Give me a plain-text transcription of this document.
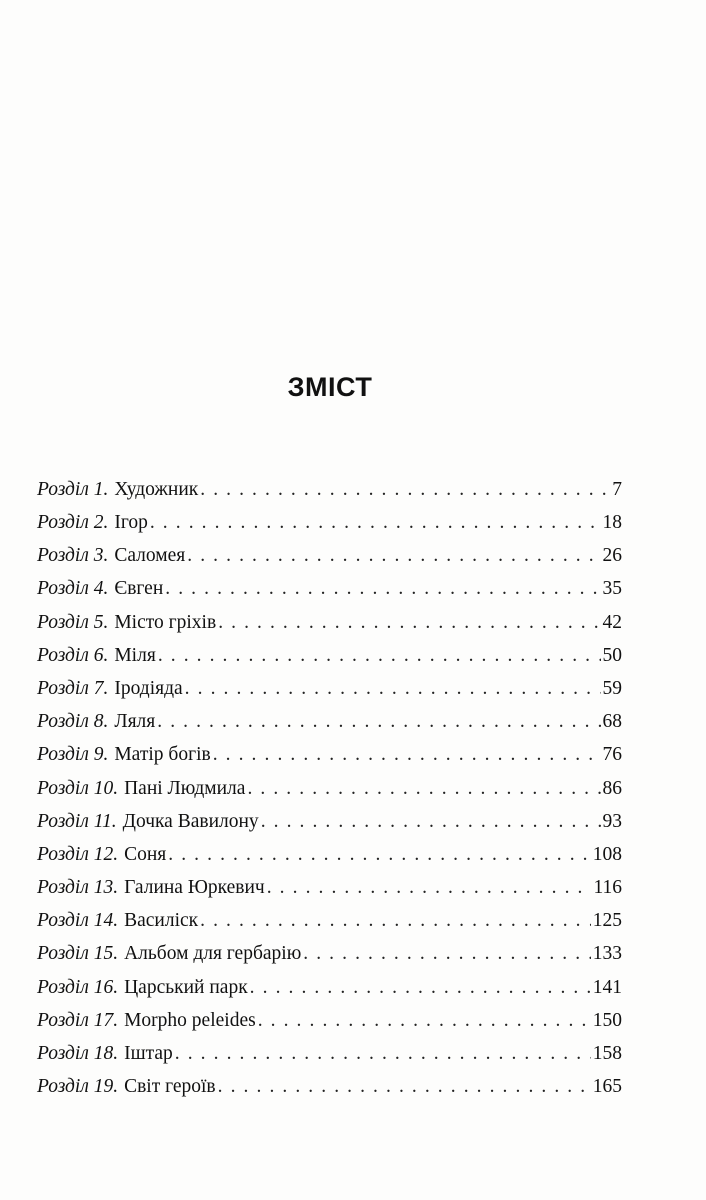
ЗМІСТ
Розділ 1. Художник . . .	7
Розділ 2. Ігор . . .	18
Розділ 3. Саломея . . .	26
Розділ 4. Євген . . .	35
Розділ 5. Місто гріхів . . .	42
Розділ 6. Міля . . .	50
Розділ 7. Іродіяда . . .	59
Розділ 8. Ляля . . .	68
Розділ 9. Матір богів . . .	76
Розділ 10. Пані Людмила . . .	86
Розділ 11. Дочка Вавилону . . .	93
Розділ 12. Соня . . .	108
Розділ 13. Галина Юркевич . . .	116
Розділ 14. Василіск . . .	125
Розділ 15. Альбом для гербарію . . .	133
Розділ 16. Царський парк . . .	141
Розділ 17. Morpho peleides . . .	150
Розділ 18. Іштар . . .	158
Розділ 19. Світ героїв . . .	165
